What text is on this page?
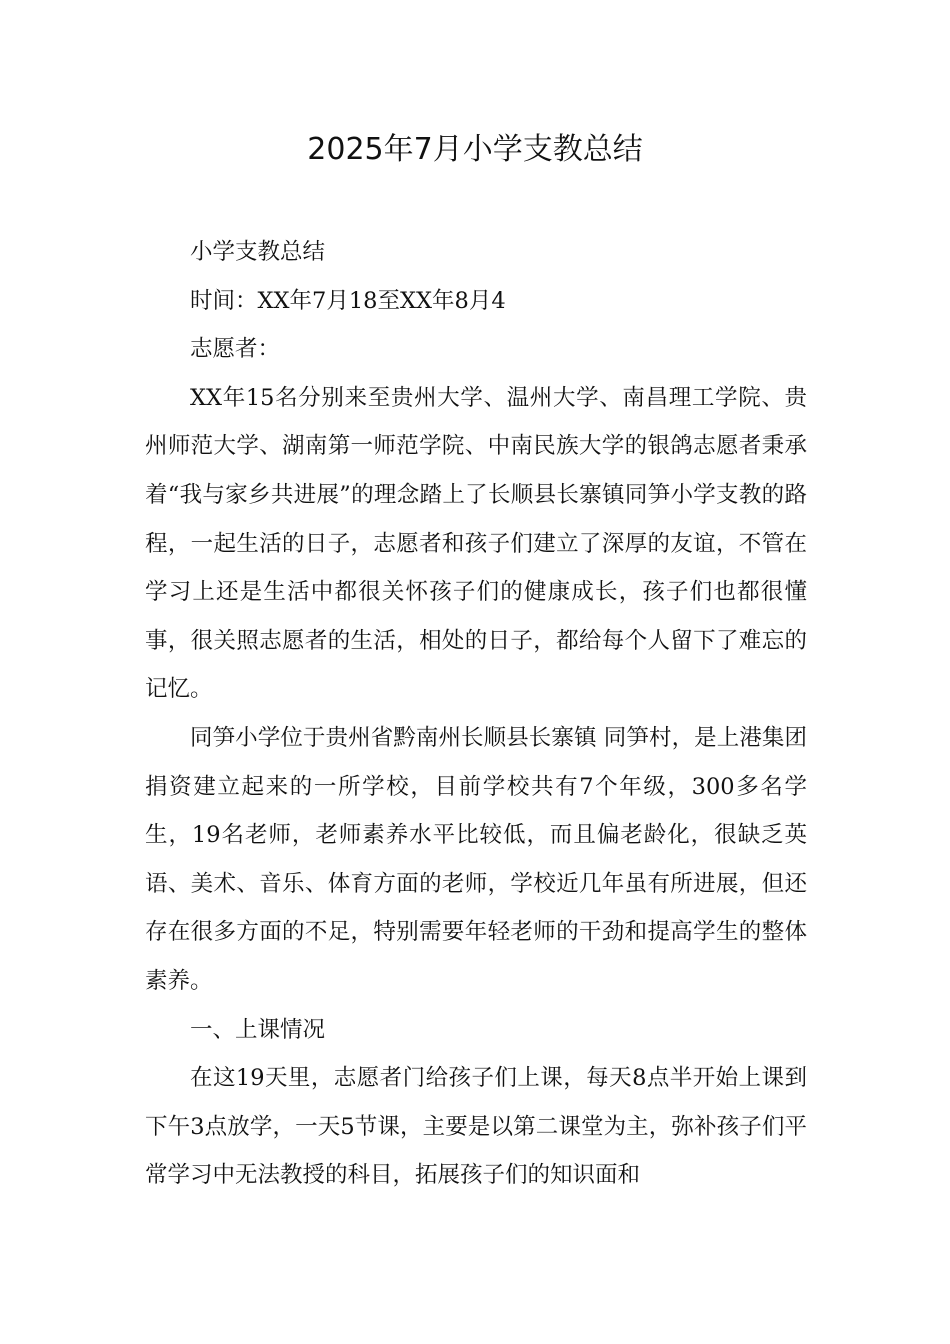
2025年7月小学支教总结

小学支教总结

时间：XX年7月18至XX年8月4

志愿者：

XX年15名分别来至贵州大学、温州大学、南昌理工学院、贵州师范大学、湖南第一师范学院、中南民族大学的银鸽志愿者秉承着“我与家乡共进展”的理念踏上了长顺县长寨镇同笋小学支教的路程，一起生活的日子，志愿者和孩子们建立了深厚的友谊，不管在学习上还是生活中都很关怀孩子们的健康成长，孩子们也都很懂事，很关照志愿者的生活，相处的日子，都给每个人留下了难忘的记忆。

同笋小学位于贵州省黔南州长顺县长寨镇 同笋村，是上港集团捐资建立起来的一所学校，目前学校共有7个年级，300多名学生，19名老师，老师素养水平比较低，而且偏老龄化，很缺乏英语、美术、音乐、体育方面的老师，学校近几年虽有所进展，但还存在很多方面的不足，特别需要年轻老师的干劲和提高学生的整体素养。

一、上课情况

在这19天里，志愿者门给孩子们上课，每天8点半开始上课到下午3点放学，一天5节课，主要是以第二课堂为主，弥补孩子们平常学习中无法教授的科目，拓展孩子们的知识面和
